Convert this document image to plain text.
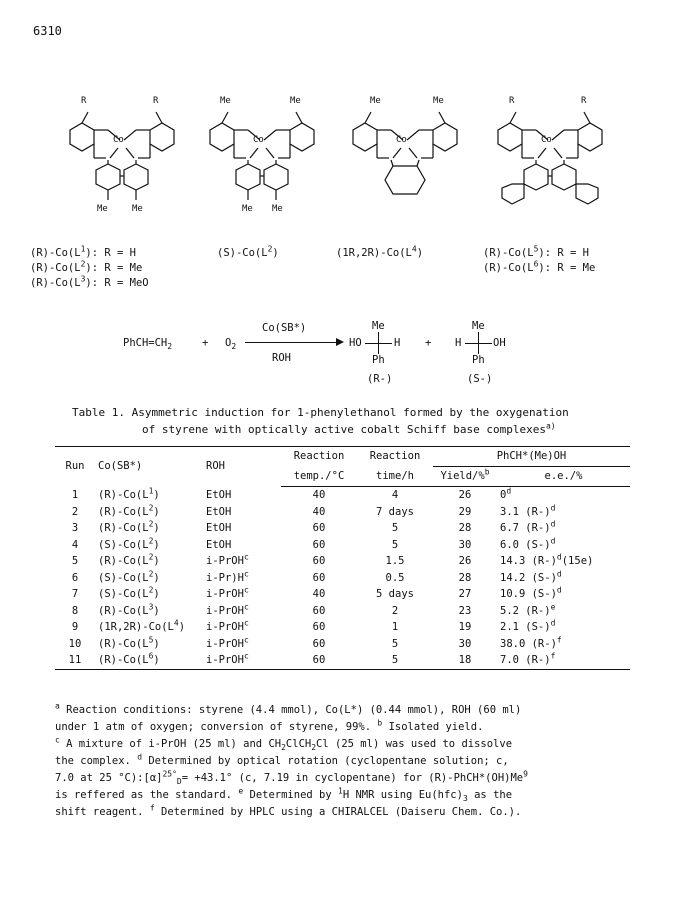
6310
R	R
Co
Me	Me
Me	Me
Co
Me Me
Me	Me
Co
R	R
Co
$(R)-Co(L^1)$: R = H
$(R)-Co(L^2)$: R = Me
$(R)-Co(L^3)$: R = MeO
$(S)-Co(L^2)$	$(1R,2R)-Co(L^4)$	$(R)-Co(L^5)$: R = H
$(R)-Co(L^6)$: R = Me
$PhCH=CH_2$	+ $O_2$
Co(SB*)
ROH
Me
HO	H
Ph
(R-)
+
Me
H	OH
Ph
(S-)
Table 1. Asymmetric induction for 1-phenylethanol formed by the oxygenation
of styrene with optically active cobalt Schiff base complexes$^{a)}$
Run	Co(SB*)	ROH	Reaction	Reaction	PhCH*(Me)OH	
			temp./°C	time/h	Yield/%$^b$	e.e./%
1	$(R)-Co(L^1)$	EtOH	40	4	26	0$^d$
2	$(R)-Co(L^2)$	EtOH	40	7 days	29	3.1 $(R-)^d$
3	$(R)-Co(L^2)$	EtOH	60	5	28	6.7 $(R-)^d$
4	$(S)-Co(L^2)$	EtOH	60	5	30	6.0 $(S-)^d$
5	$(R)-Co(L^2)$	i-PrOH$^c$	60	1.5	26	14.3 $(R-)^d(15e)$
6	$(S)-Co(L^2)$	$i-Pr)H^c$	60	0.5	28	14.2 $(S-)^d$
7	$(S)-Co(L^2)$	i-PrOH$^c$	40	5 days	27	10.9 $(S-)^d$
8	$(R)-Co(L^3)$	i-PrOH$^c$	60	2	23	5.2 $(R-)^e$
9	$(1R,2R)-Co(L^4)$	i-PrOH$^c$	60	1	19	2.1 $(S-)^d$
10	$(R)-Co(L^5)$	i-PrOH$^c$	60	5	30	38.0 $(R-)^f$
11	$(R)-Co(L^6)$	i-PrOH$^c$	60	5	18	7.0 $(R-)^f$
$^a$ Reaction conditions: styrene (4.4 mmol), Co(L*) (0.44 mmol), ROH (60 ml)
under 1 atm of oxygen; conversion of styrene, 99%. $^b$ Isolated yield.
$^c$ A mixture of i-PrOH (25 ml) and $CH_2ClCH_2Cl$ (25 ml) was used to dissolve
the complex. $^d$ Determined by optical rotation (cyclopentane solution; c,
7.0 at 25 $^\circ C):[\alpha]^{25^\circ}_D= +43.1^\circ$ (c, 7.19 in cyclopentane) for (R)-PhCH*(OH)Me$^9$
is reffered as the standard. $^e$ Determined by $^1$H NMR using $Eu(hfc)_3$ as the
shift reagent. $^f$ Determined by HPLC using a CHIRALCEL (Daiseru Chem. Co.).
